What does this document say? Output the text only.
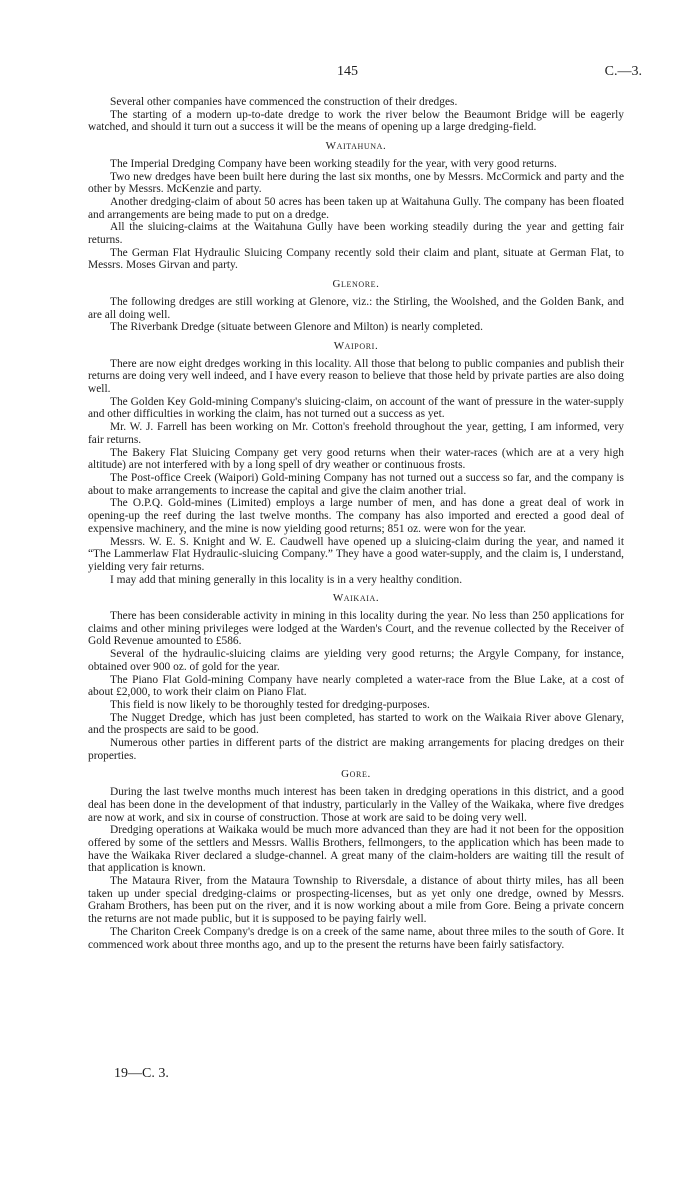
145	C.—3.

Several other companies have commenced the construction of their dredges.

The starting of a modern up-to-date dredge to work the river below the Beaumont Bridge will be eagerly watched, and should it turn out a success it will be the means of opening up a large dredging-field.

Waitahuna.

The Imperial Dredging Company have been working steadily for the year, with very good returns.

Two new dredges have been built here during the last six months, one by Messrs. McCormick and party and the other by Messrs. McKenzie and party.

Another dredging-claim of about 50 acres has been taken up at Waitahuna Gully. The company has been floated and arrangements are being made to put on a dredge.

All the sluicing-claims at the Waitahuna Gully have been working steadily during the year and getting fair returns.

The German Flat Hydraulic Sluicing Company recently sold their claim and plant, situate at German Flat, to Messrs. Moses Girvan and party.

Glenore.

The following dredges are still working at Glenore, viz.: the Stirling, the Woolshed, and the Golden Bank, and are all doing well.

The Riverbank Dredge (situate between Glenore and Milton) is nearly completed.

Waipori.

There are now eight dredges working in this locality. All those that belong to public companies and publish their returns are doing very well indeed, and I have every reason to believe that those held by private parties are also doing well.

The Golden Key Gold-mining Company's sluicing-claim, on account of the want of pressure in the water-supply and other difficulties in working the claim, has not turned out a success as yet.

Mr. W. J. Farrell has been working on Mr. Cotton's freehold throughout the year, getting, I am informed, very fair returns.

The Bakery Flat Sluicing Company get very good returns when their water-races (which are at a very high altitude) are not interfered with by a long spell of dry weather or continuous frosts.

The Post-office Creek (Waipori) Gold-mining Company has not turned out a success so far, and the company is about to make arrangements to increase the capital and give the claim another trial.

The O.P.Q. Gold-mines (Limited) employs a large number of men, and has done a great deal of work in opening-up the reef during the last twelve months. The company has also imported and erected a good deal of expensive machinery, and the mine is now yielding good returns; 851 oz. were won for the year.

Messrs. W. E. S. Knight and W. E. Caudwell have opened up a sluicing-claim during the year, and named it “The Lammerlaw Flat Hydraulic-sluicing Company.” They have a good water-supply, and the claim is, I understand, yielding very fair returns.

I may add that mining generally in this locality is in a very healthy condition.

Waikaia.

There has been considerable activity in mining in this locality during the year. No less than 250 applications for claims and other mining privileges were lodged at the Warden's Court, and the revenue collected by the Receiver of Gold Revenue amounted to £586.

Several of the hydraulic-sluicing claims are yielding very good returns; the Argyle Company, for instance, obtained over 900 oz. of gold for the year.

The Piano Flat Gold-mining Company have nearly completed a water-race from the Blue Lake, at a cost of about £2,000, to work their claim on Piano Flat.

This field is now likely to be thoroughly tested for dredging-purposes.

The Nugget Dredge, which has just been completed, has started to work on the Waikaia River above Glenary, and the prospects are said to be good.

Numerous other parties in different parts of the district are making arrangements for placing dredges on their properties.

Gore.

During the last twelve months much interest has been taken in dredging operations in this district, and a good deal has been done in the development of that industry, particularly in the Valley of the Waikaka, where five dredges are now at work, and six in course of construction. Those at work are said to be doing very well.

Dredging operations at Waikaka would be much more advanced than they are had it not been for the opposition offered by some of the settlers and Messrs. Wallis Brothers, fellmongers, to the application which has been made to have the Waikaka River declared a sludge-channel. A great many of the claim-holders are waiting till the result of that application is known.

The Mataura River, from the Mataura Township to Riversdale, a distance of about thirty miles, has all been taken up under special dredging-claims or prospecting-licenses, but as yet only one dredge, owned by Messrs. Graham Brothers, has been put on the river, and it is now working about a mile from Gore. Being a private concern the returns are not made public, but it is supposed to be paying fairly well.

The Chariton Creek Company's dredge is on a creek of the same name, about three miles to the south of Gore. It commenced work about three months ago, and up to the present the returns have been fairly satisfactory.

19—C. 3.
